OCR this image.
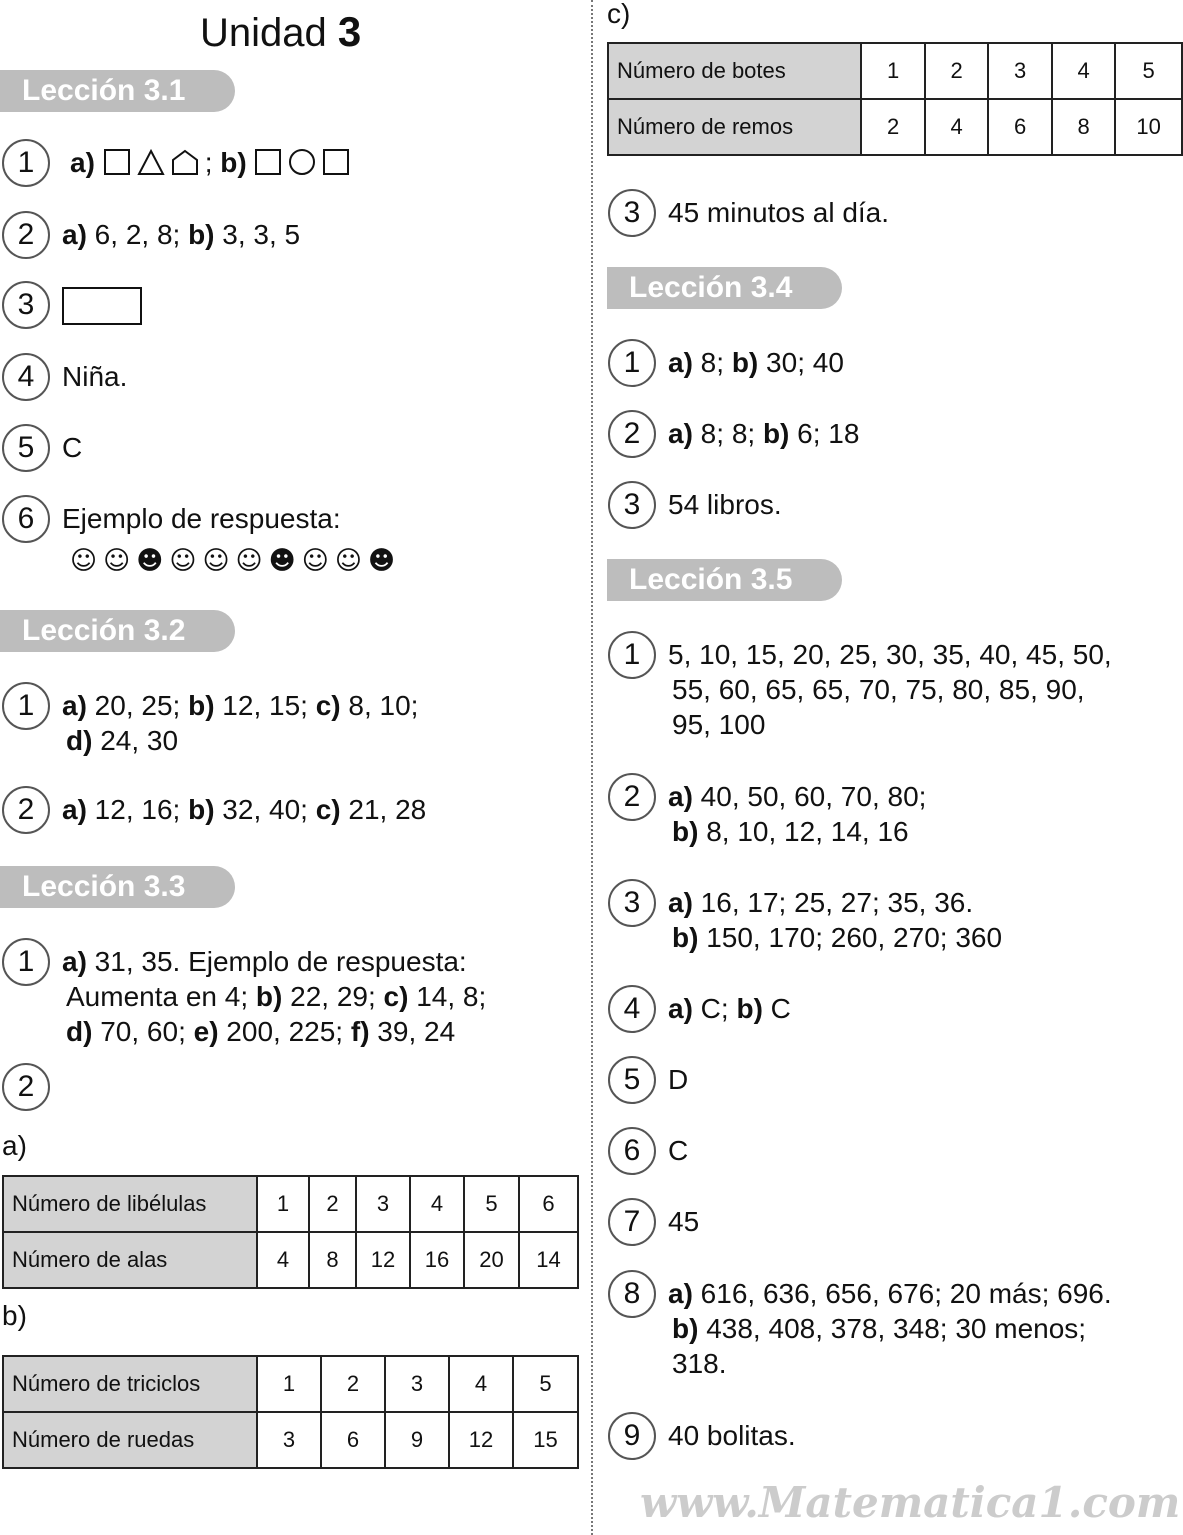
Unidad 3
www.Matematica1.com
Lección 3.1
1	a)	; b)
2 a) 6, 2, 8; b) 3, 3, 5
3
4 Niña.
5 C
6 Ejemplo de respuesta:
☺☺☻☺☺☺☻☺☺☻
Lección 3.2
1 a) 20, 25; b) 12, 15; c) 8, 10;
d) 24, 30
2 a) 12, 16; b) 32, 40; c) 21, 28
Lección 3.3
1 a) 31, 35. Ejemplo de respuesta:
Aumenta en 4; b) 22, 29; c) 14, 8;
d) 70, 60; e) 200, 225; f) 39, 24
2
a)
Número de libélulas	1	2	3	4	5	6
Número de alas	4	8	12	16	20	14
b)
Número de triciclos	1	2	3	4	5
Número de ruedas	3	6	9	12	15
c)
Número de botes	1	2	3	4	5
Número de remos	2	4	6	8	10
3 45 minutos al día.
Lección 3.4
1 a) 8; b) 30; 40
2 a) 8; 8; b) 6; 18
3 54 libros.
Lección 3.5
1 5, 10, 15, 20, 25, 30, 35, 40, 45, 50,
55, 60, 65, 65, 70, 75, 80, 85, 90,
95, 100
2 a) 40, 50, 60, 70, 80;
b) 8, 10, 12, 14, 16
3 a) 16, 17; 25, 27; 35, 36.
b) 150, 170; 260, 270; 360
4 a) C; b) C
5 D
6 C
7 45
8 a) 616, 636, 656, 676; 20 más; 696.
b) 438, 408, 378, 348; 30 menos;
318.
9 40 bolitas.
